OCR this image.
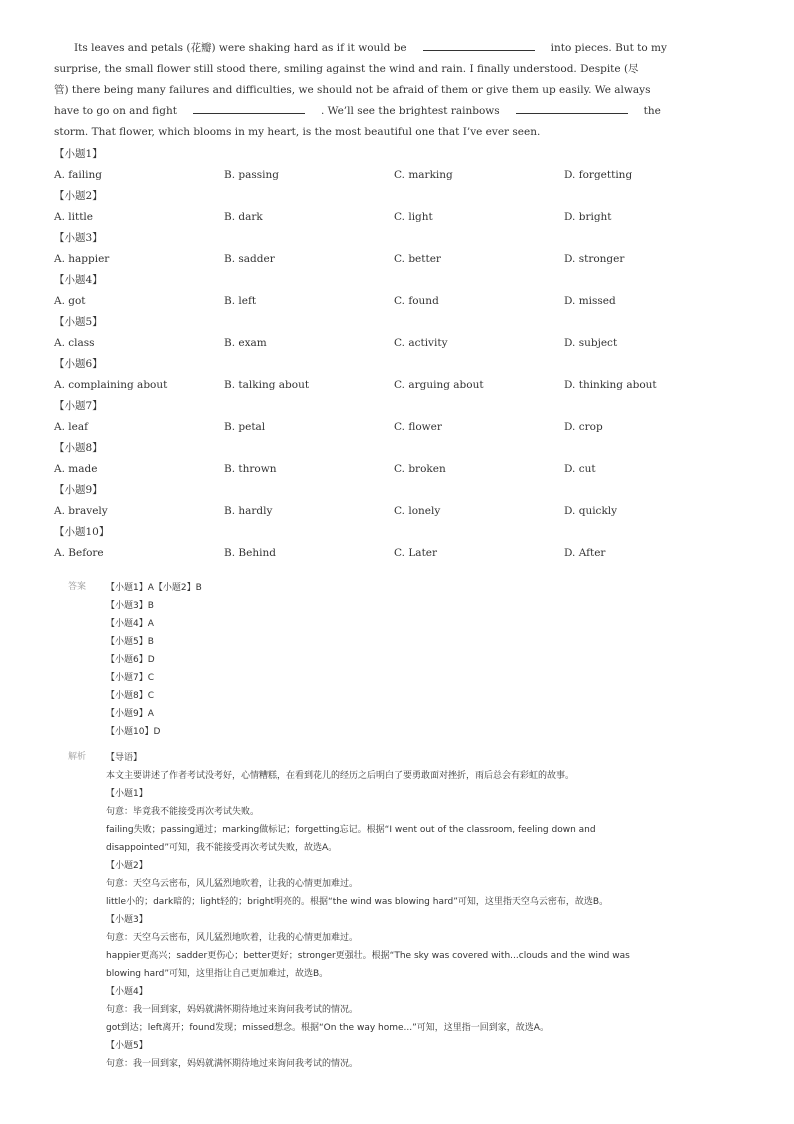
Its leaves and petals (花瓣) were shaking hard as if it would be	into pieces. But to my
surprise, the small flower still stood there, smiling against the wind and rain. I finally understood. Despite (尽
管) there being many failures and difficulties, we should not be afraid of them or give them up easily. We always
have to go on and fight	. We’ll see the brightest rainbows	the
storm. That flower, which blooms in my heart, is the most beautiful one that I’ve ever seen.
【小题1】
A. failing	B. passing	C. marking	D. forgetting
【小题2】
A. little	B. dark	C. light	D. bright
【小题3】
A. happier	B. sadder	C. better	D. stronger
【小题4】
A. got	B. left	C. found	D. missed
【小题5】
A. class	B. exam	C. activity	D. subject
【小题6】
A. complaining about	B. talking about	C. arguing about	D. thinking about
【小题7】
A. leaf	B. petal	C. flower	D. crop
【小题8】
A. made	B. thrown	C. broken	D. cut
【小题9】
A. bravely	B. hardly	C. lonely	D. quickly
【小题10】
A. Before	B. Behind	C. Later	D. After
答案 【小题1】A【小题2】B
【小题3】B
【小题4】A
【小题5】B
【小题6】D
【小题7】C
【小题8】C
【小题9】A
【小题10】D
解析 【导语】
本文主要讲述了作者考试没考好，心情糟糕，在看到花儿的经历之后明白了要勇敢面对挫折，雨后总会有彩虹的故事。
【小题1】
句意：毕竟我不能接受再次考试失败。
failing失败；passing通过；marking做标记；forgetting忘记。根据“I went out of the classroom, feeling down and
disappointed”可知，我不能接受再次考试失败，故选A。
【小题2】
句意：天空乌云密布，风儿猛烈地吹着，让我的心情更加难过。
little小的；dark暗的；light轻的；bright明亮的。根据“the wind was blowing hard”可知，这里指天空乌云密布，故选B。
【小题3】
句意：天空乌云密布，风儿猛烈地吹着，让我的心情更加难过。
happier更高兴；sadder更伤心；better更好；stronger更强壮。根据“The sky was covered with...clouds and the wind was
blowing hard”可知，这里指让自己更加难过，故选B。
【小题4】
句意：我一回到家，妈妈就满怀期待地过来询问我考试的情况。
got到达；left离开；found发现；missed想念。根据“On the way home...”可知，这里指一回到家，故选A。
【小题5】
句意：我一回到家，妈妈就满怀期待地过来询问我考试的情况。
